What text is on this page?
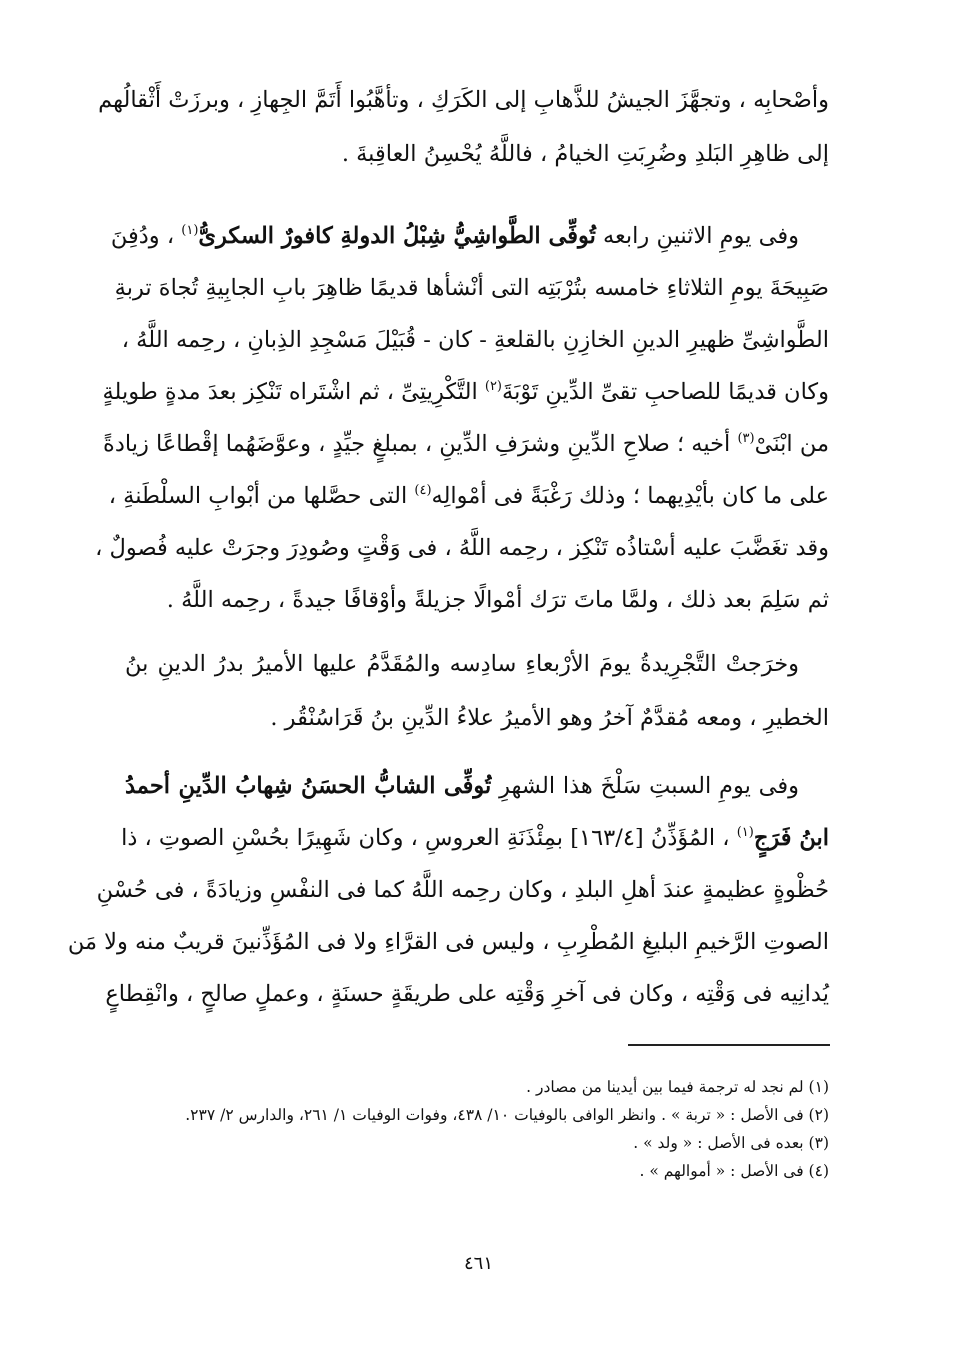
وأصْحابِه ، وتجهَّزَ الجيشُ للذَّهابِ إلى الكَرَكِ ، وتأهَّبُوا أَتَمَّ الجِهازِ ، وبرزَتْ أَثْقالُهم
إلى ظاهِرِ البَلدِ وضُرِبَتِ الخيامُ ، فاللَّهُ يُحْسِنُ العاقِبةَ .
وفى يومِ الاثنينِ رابعه تُوفِّى الطَّواشِيُّ شِبْلُ الدولةِ كافورٌ السكرىُّ$^{(١)}$ ، ودُفِنَ
صَبِيحَةَ يومِ الثلاثاءِ خامسه بتُرْبَتِه التى أنْشأها قديمًا ظاهِرَ بابِ الجابِيةِ تُجاهَ تربةِ
الطَّواشِىِّ ظهيرِ الدينِ الخازِنِ بالقلعةِ - كان - قُبَيْلَ مَسْجِدِ الذِبانِ ، رحِمه اللَّهُ ،
وكان قديمًا للصاحبِ تقىِّ الدِّينِ تَوْبَةَ$^{(٢)}$ التَّكْرِيتِىِّ ، ثم اشْتَراه تَنْكِز بعدَ مدةٍ طويلةٍ
من ابْنَىْ$^{(٣)}$ أخيه ؛ صلاحِ الدِّينِ وشرَفِ الدِّينِ ، بمبلغٍ جيِّدٍ ، وعوَّضَهُما إقْطاعًا زيادةً
على ما كان بأيْدِيهما ؛ وذلك رَغْبَةً فى أمْوالِه$^{(٤)}$ التى حصَّلها من أبْوابِ السلْطَنةِ ،
وقد تغَضَّبَ عليه أسْتاذُه تَنْكِز ، رحِمه اللَّهُ ، فى وَقْتٍ وصُودِرَ وجرَتْ عليه فُصولٌ ،
ثم سَلِمَ بعد ذلك ، ولمَّا ماتَ ترَك أمْوالًا جزيلةً وأوْقافًا جيدةً ، رحِمه اللَّهُ .
وخرَجتْ التَّجْرِيدةُ يومَ الأرْبعاءِ سادِسه والمُقَدَّمُ عليها الأميرُ بدرُ الدينِ بنُ
الخطيرِ ، ومعه مُقدَّمٌ آخرُ وهو الأميرُ علاءُ الدِّينِ بنُ قَرَاسُنْقُر .
وفى يومِ السبتِ سَلْخَ هذا الشهرِ تُوفِّى الشابُّ الحسَنُ شِهابُ الدِّينِ أحمدُ
ابنُ فَرَجٍ$^{(١)}$ ، المُؤَذِّنُ [١٦٣/٤] بمِئْذَنَةِ العروسِ ، وكان شَهِيرًا بحُسْنِ الصوتِ ، ذا
حُظْوةٍ عظيمةٍ عندَ أهلِ البلدِ ، وكان رحِمه اللَّهُ كما فى النفْسِ وزيادَةً ، فى حُسْنِ
الصوتِ الرَّخيمِ البليغِ المُطْرِبِ ، وليس فى القرَّاءِ ولا فى المُؤَذِّنينَ قريبٌ منه ولا مَن
يُدانِيه فى وَقْتِه ، وكان فى آخرِ وَقْتِه على طريقَةٍ حسنَةٍ ، وعملٍ صالحٍ ، وانْقِطاعٍ
(١) لم نجد له ترجمة فيما بين أيدينا من مصادر .
(٢) فى الأصل : « تربة » . وانظر الوافى بالوفيات ١٠/ ٤٣٨، وفوات الوفيات ١/ ٢٦١، والدارس ٢/ ٢٣٧.
(٣) بعده فى الأصل : « ولد » .
(٤) فى الأصل : « أموالهم » .
٤٦١
